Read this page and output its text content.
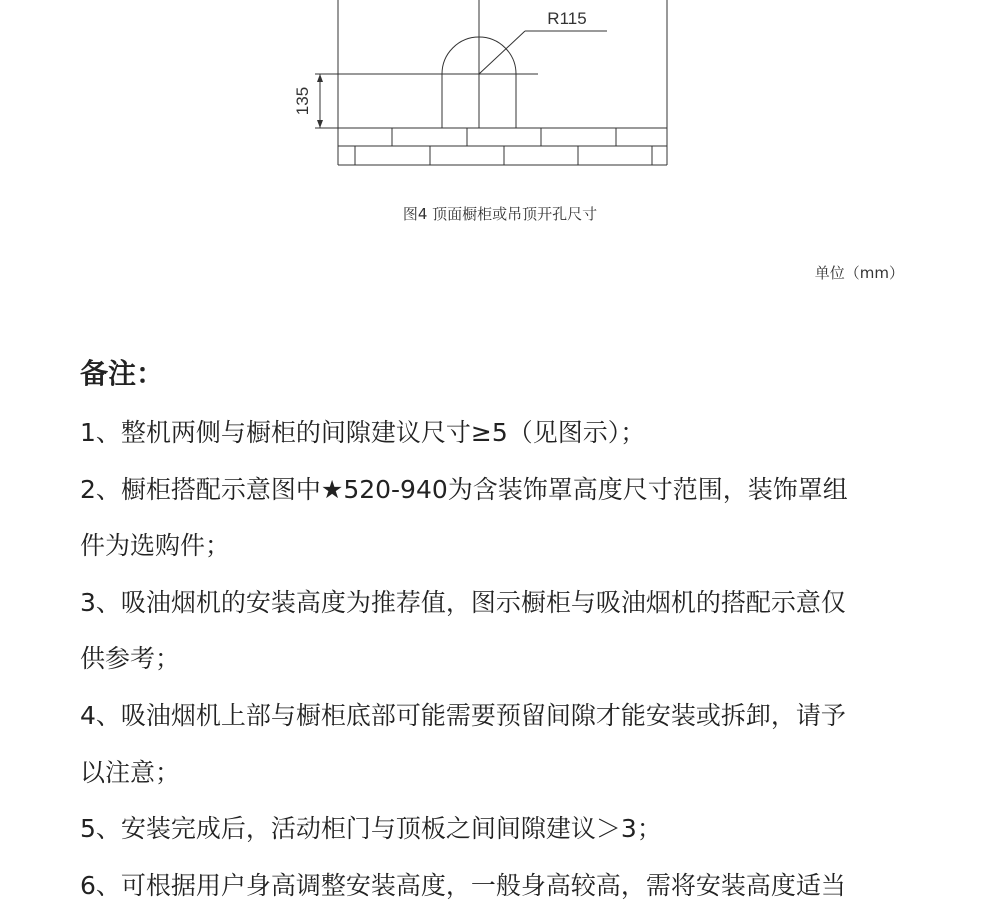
R115
135
图4 顶面橱柜或吊顶开孔尺寸
单位（mm）
备注：
1、整机两侧与橱柜的间隙建议尺寸≥5（见图示）；
2、橱柜搭配示意图中★520-940为含装饰罩高度尺寸范围，装饰罩组
件为选购件；
3、吸油烟机的安装高度为推荐值，图示橱柜与吸油烟机的搭配示意仅
供参考；
4、吸油烟机上部与橱柜底部可能需要预留间隙才能安装或拆卸，请予
以注意；
5、安装完成后，活动柜门与顶板之间间隙建议＞3；
6、可根据用户身高调整安装高度，一般身高较高，需将安装高度适当
